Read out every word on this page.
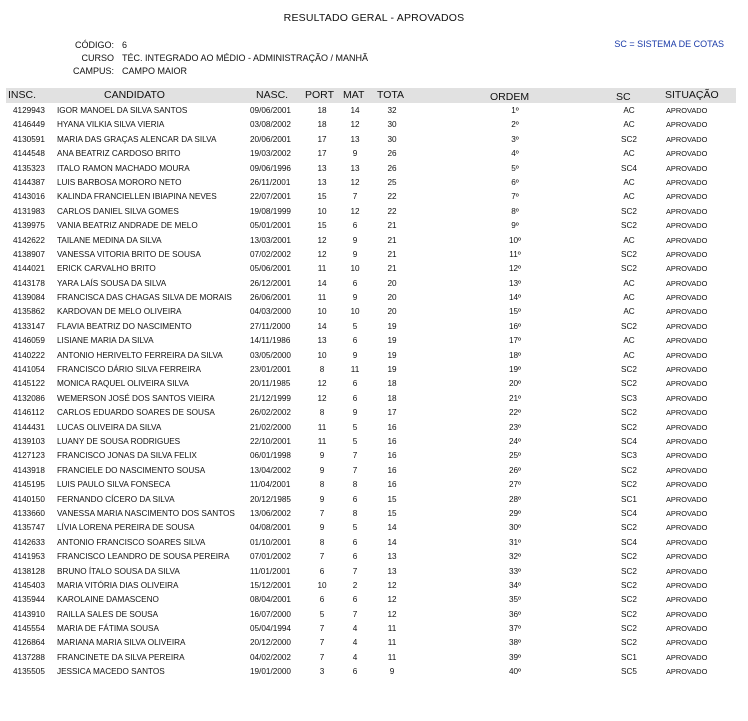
RESULTADO GERAL - APROVADOS
CÓDIGO: 6
CURSO TÉC. INTEGRADO AO MÉDIO - ADMINISTRAÇÃO / MANHÃ
CAMPUS: CAMPO MAIOR
SC = SISTEMA DE COTAS
INSC.	CANDIDATO	NASC. PORT MAT TOTA	ORDEM	SC	SITUAÇÃO
4129943 IGOR MANOEL DA SILVA SANTOS	09/06/2001	18	14	32	1º	AC	APROVADO
4146449 HYANA VILKIA SILVA VIERIA	03/08/2002	18	12	30	2º	AC	APROVADO
4130591 MARIA DAS GRAÇAS ALENCAR DA SILVA	20/06/2001	17	13	30	3º	SC2	APROVADO
4144548 ANA BEATRIZ CARDOSO BRITO	19/03/2002	17	9	26	4º	AC	APROVADO
4135323 ITALO RAMON MACHADO MOURA	09/06/1996	13	13	26	5º	SC4	APROVADO
4144387 LUIS BARBOSA MORORO NETO	26/11/2001	13	12	25	6º	AC	APROVADO
4143016 KALINDA FRANCIELLEN IBIAPINA NEVES	22/07/2001	15	7	22	7º	AC	APROVADO
4131983 CARLOS DANIEL SILVA GOMES	19/08/1999	10	12	22	8º	SC2	APROVADO
4139975 VANIA BEATRIZ ANDRADE DE MELO	05/01/2001	15	6	21	9º	SC2	APROVADO
4142622 TAILANE MEDINA DA SILVA	13/03/2001	12	9	21	10º	AC	APROVADO
4138907 VANESSA VITORIA BRITO DE SOUSA	07/02/2002	12	9	21	11º	SC2	APROVADO
4144021 ERICK CARVALHO BRITO	05/06/2001	11	10	21	12º	SC2	APROVADO
4143178 YARA LAÍS SOUSA DA SILVA	26/12/2001	14	6	20	13º	AC	APROVADO
4139084 FRANCISCA DAS CHAGAS SILVA DE MORAIS 26/06/2001	11	9	20	14º	AC	APROVADO
4135862 KARDOVAN DE MELO OLIVEIRA	04/03/2000	10	10	20	15º	AC	APROVADO
4133147 FLAVIA BEATRIZ DO NASCIMENTO	27/11/2000	14	5	19	16º	SC2	APROVADO
4146059 LISIANE MARIA DA SILVA	14/11/1986	13	6	19	17º	AC	APROVADO
4140222 ANTONIO HERIVELTO FERREIRA DA SILVA	03/05/2000	10	9	19	18º	AC	APROVADO
4141054 FRANCISCO DÁRIO SILVA FERREIRA	23/01/2001	8	11	19	19º	SC2	APROVADO
4145122 MONICA RAQUEL OLIVEIRA SILVA	20/11/1985	12	6	18	20º	SC2	APROVADO
4132086 WEMERSON JOSÉ DOS SANTOS VIEIRA	21/12/1999	12	6	18	21º	SC3	APROVADO
4146112 CARLOS EDUARDO SOARES DE SOUSA	26/02/2002	8	9	17	22º	SC2	APROVADO
4144431 LUCAS OLIVEIRA DA SILVA	21/02/2000	11	5	16	23º	SC2	APROVADO
4139103 LUANY DE SOUSA RODRIGUES	22/10/2001	11	5	16	24º	SC4	APROVADO
4127123 FRANCISCO JONAS DA SILVA FELIX	06/01/1998	9	7	16	25º	SC3	APROVADO
4143918 FRANCIELE DO NASCIMENTO SOUSA	13/04/2002	9	7	16	26º	SC2	APROVADO
4145195 LUIS PAULO SILVA FONSECA	11/04/2001	8	8	16	27º	SC2	APROVADO
4140150 FERNANDO CÍCERO DA SILVA	20/12/1985	9	6	15	28º	SC1	APROVADO
4133660 VANESSA MARIA NASCIMENTO DOS SANTOS 13/06/2002	7	8	15	29º	SC4	APROVADO
4135747 LÍVIA LORENA PEREIRA DE SOUSA	04/08/2001	9	5	14	30º	SC2	APROVADO
4142633 ANTONIO FRANCISCO SOARES SILVA	01/10/2001	8	6	14	31º	SC4	APROVADO
4141953 FRANCISCO LEANDRO DE SOUSA PEREIRA	07/01/2002	7	6	13	32º	SC2	APROVADO
4138128 BRUNO ÍTALO SOUSA DA SILVA	11/01/2001	6	7	13	33º	SC2	APROVADO
4145403 MARIA VITÓRIA DIAS OLIVEIRA	15/12/2001	10	2	12	34º	SC2	APROVADO
4135944 KAROLAINE DAMASCENO	08/04/2001	6	6	12	35º	SC2	APROVADO
4143910 RAILLA SALES DE SOUSA	16/07/2000	5	7	12	36º	SC2	APROVADO
4145554 MARIA DE FÁTIMA SOUSA	05/04/1994	7	4	11	37º	SC2	APROVADO
4126864 MARIANA MARIA SILVA OLIVEIRA	20/12/2000	7	4	11	38º	SC2	APROVADO
4137288 FRANCINETE DA SILVA PEREIRA	04/02/2002	7	4	11	39º	SC1	APROVADO
4135505 JESSICA MACEDO SANTOS	19/01/2000	3	6	9	40º	SC5	APROVADO
